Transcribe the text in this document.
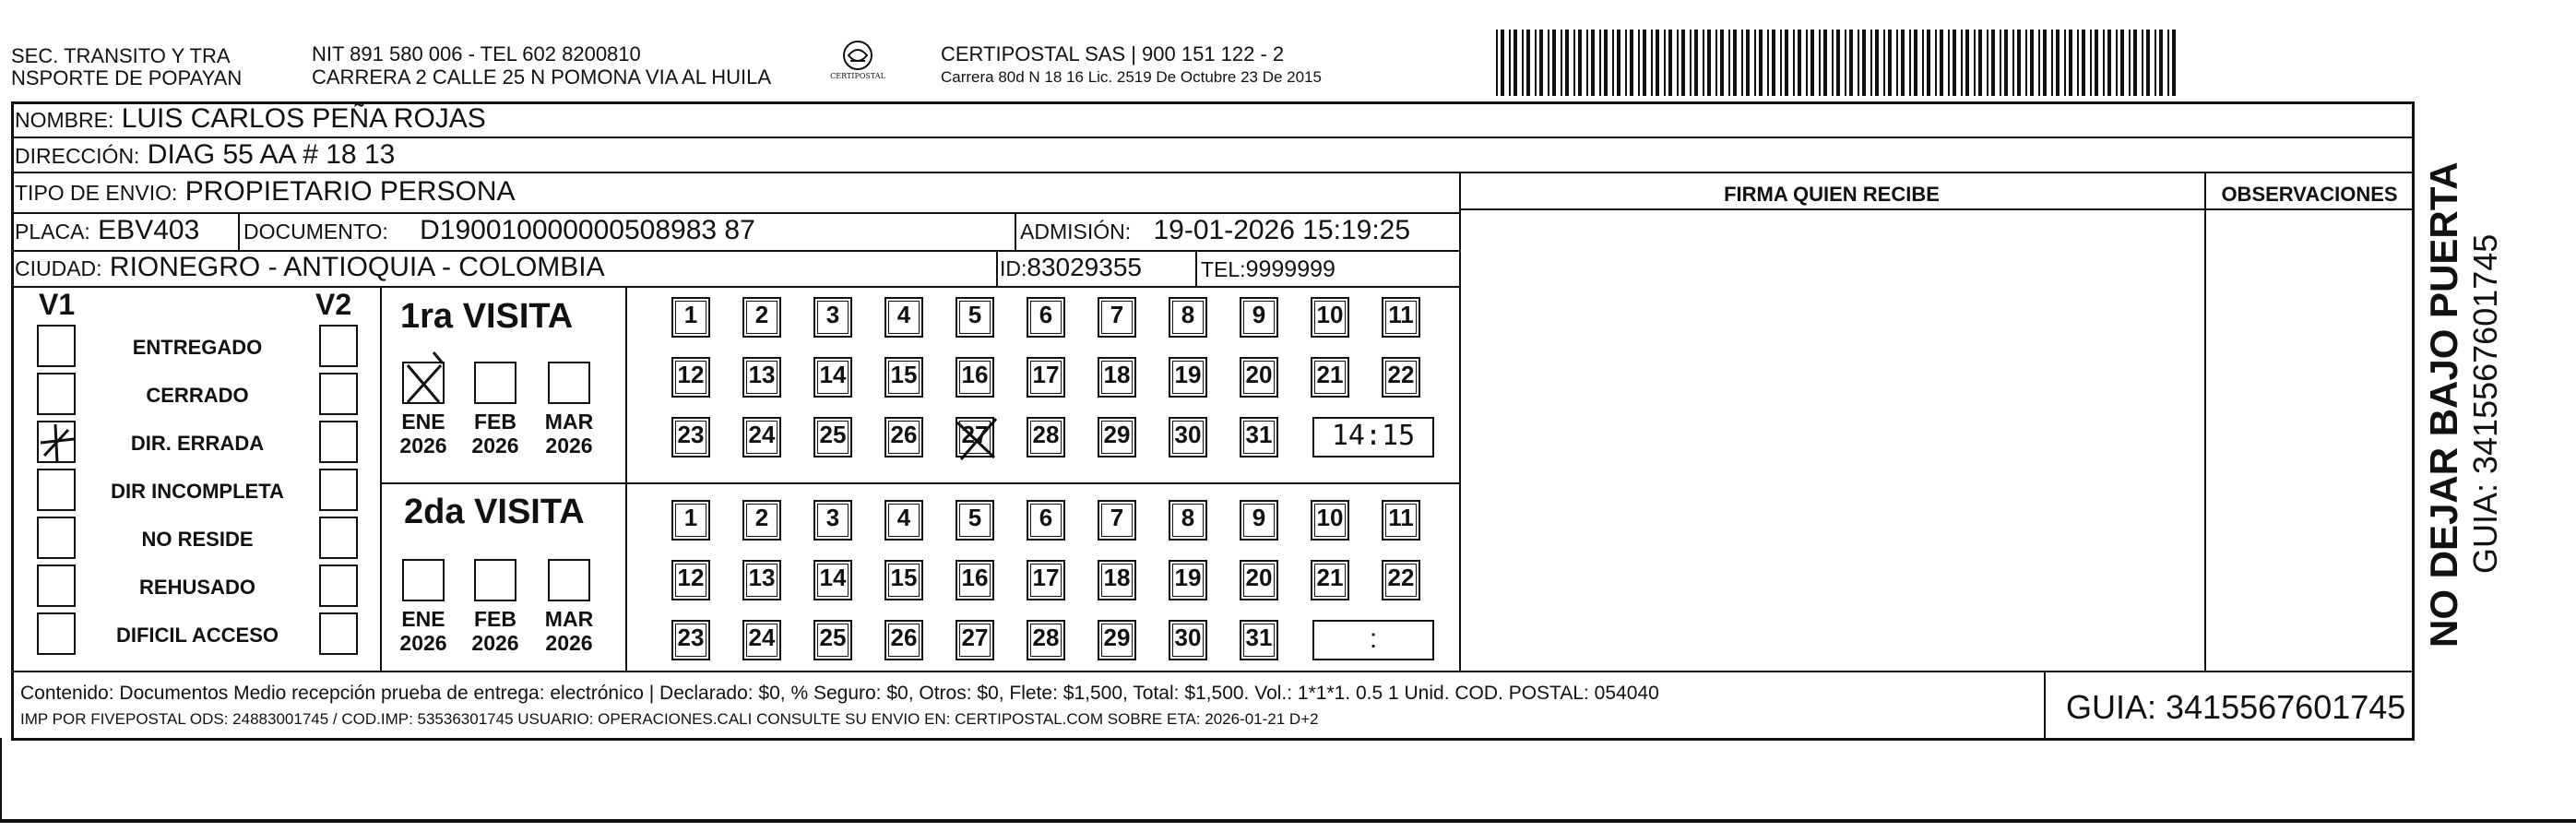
SEC. TRANSITO Y TRA
NSPORTE DE POPAYAN
NIT 891 580 006 - TEL 602 8200810
CARRERA 2 CALLE 25 N POMONA VIA AL HUILA	CERTIPOSTAL
CERTIPOSTAL SAS | 900 151 122 - 2
Carrera 80d N 18 16 Lic. 2519 De Octubre 23 De 2015
NOMBRE: LUIS CARLOS PEÑA ROJAS
DIRECCIÓN: DIAG 55 AA # 18 13
TIPO DE ENVIO: PROPIETARIO PERSONA	FIRMA QUIEN RECIBE	OBSERVACIONES
PLACA: EBV403 DOCUMENTO: D190010000000508983 87	ADMISIÓN: 19-01-2026 15:19:25
CIUDAD: RIONEGRO - ANTIOQUIA - COLOMBIA	ID:83029355	TEL:9999999
V1	V2
ENTREGADO
CERRADO
DIR. ERRADA
DIR INCOMPLETA
NO RESIDE
REHUSADO
DIFICIL ACCESO
1ra VISITA
ENE
2026
FEB
2026
MAR
2026
1	2	3	4	5	6	7	8	9	10 11
12 13 14 15 16 17 18 19 20 21 22
23 24 25 26 27 28 29 30 31	14:15
2da VISITA
ENE
2026
FEB
2026
MAR
2026
1	2	3	4	5	6	7	8	9	10 11
12 13 14 15 16 17 18 19 20 21 22
23 24 25 26 27 28 29 30 31	:
Contenido: Documentos Medio recepción prueba de entrega: electrónico | Declarado: $0, % Seguro: $0, Otros: $0, Flete: $1,500, Total: $1,500. Vol.: 1*1*1. 0.5 1 Unid. COD. POSTAL: 054040
IMP POR FIVEPOSTAL ODS: 24883001745 / COD.IMP: 53536301745 USUARIO: OPERACIONES.CALI CONSULTE SU ENVIO EN: CERTIPOSTAL.COM SOBRE ETA: 2026-01-21 D+2	GUIA: 3415567601745
NO DEJAR BAJO PUERTA GUIA: 3415567601745
